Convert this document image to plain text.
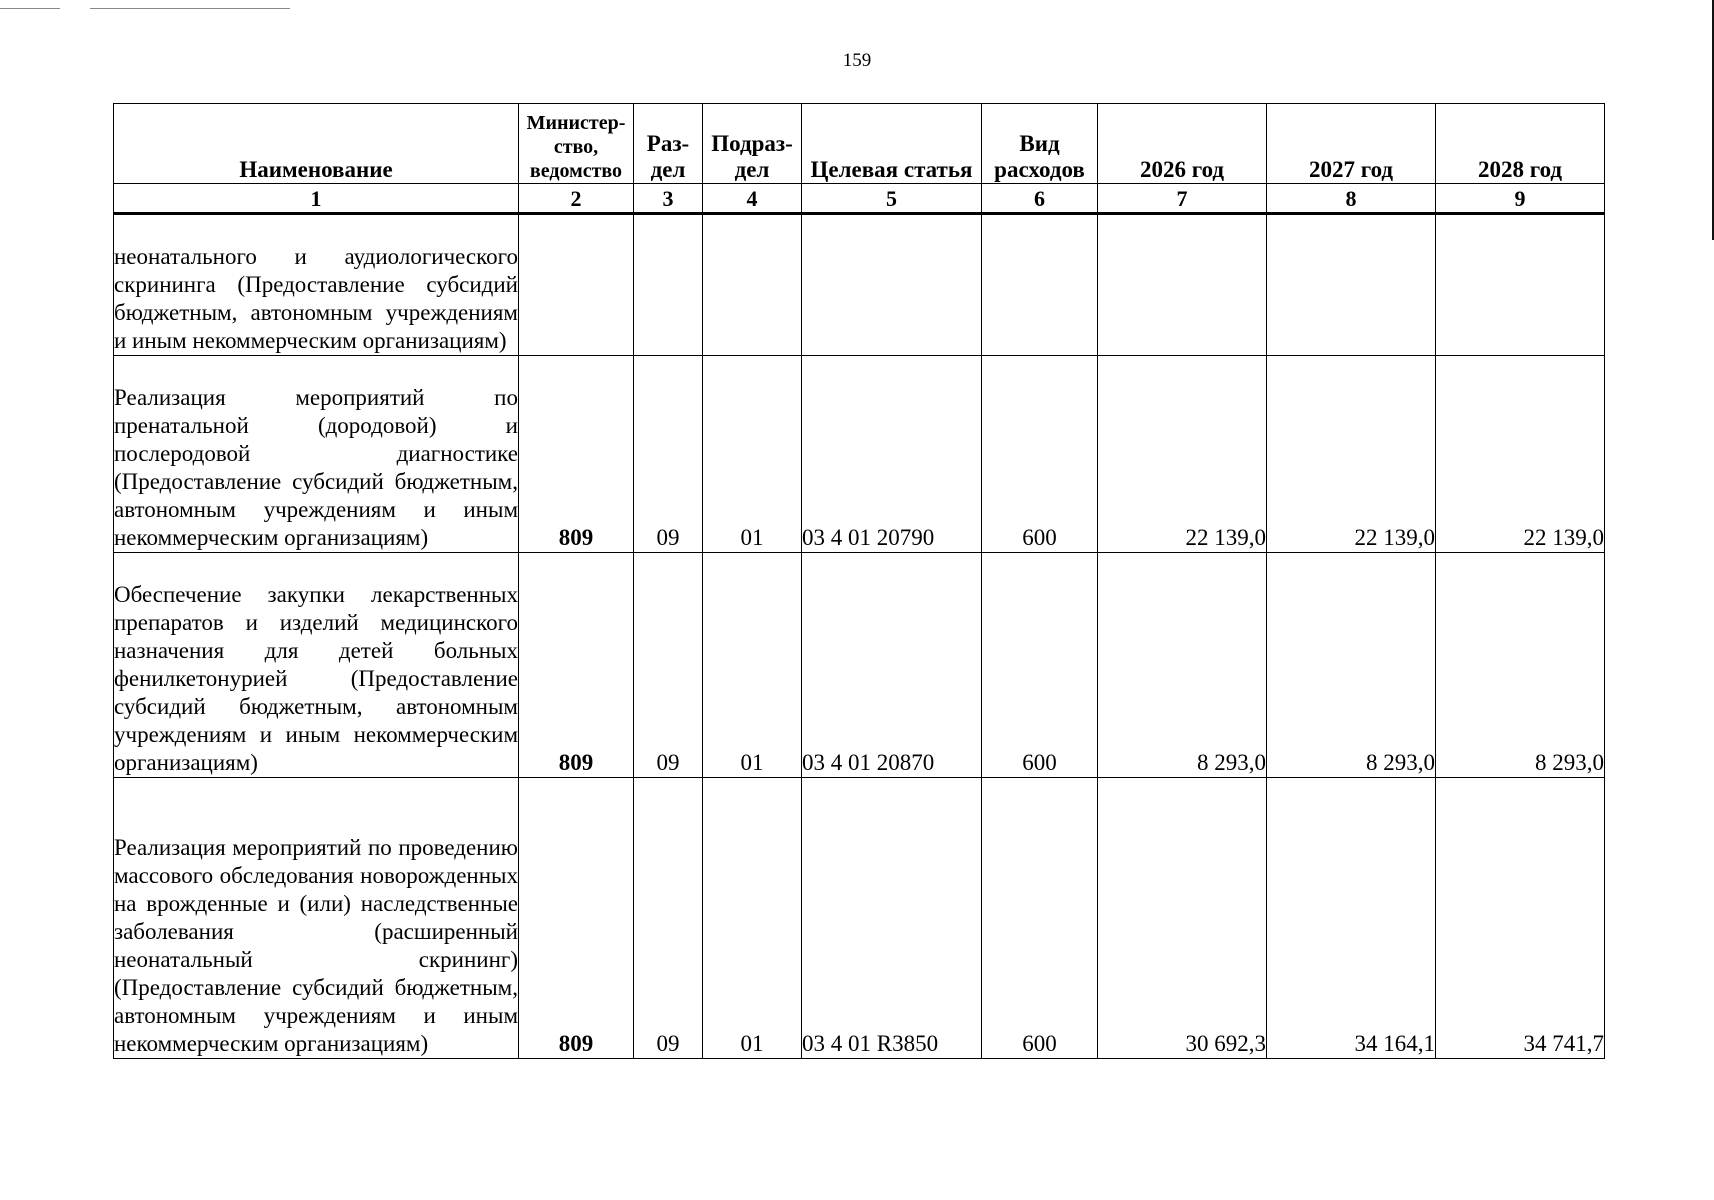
159
Наименование	Министер-ство, ведомство	Раз-дел	Подраз-дел	Целевая статья	Вид расходов	2026 год	2027 год	2028 год
1	2	3	4	5	6	7	8	9
неонатального и аудиологического скрининга (Предоставление субсидий бюджетным, автономным учреждениям и иным некоммерческим организациям)								
Реализация мероприятий по пренатальной (дородовой) и послеродовой диагностике (Предоставление субсидий бюджетным, автономным учреждениям и иным некоммерческим организациям)	809	09	01	03 4 01 20790	600	22 139,0	22 139,0	22 139,0
Обеспечение закупки лекарственных препаратов и изделий медицинского назначения для детей больных фенилкетонурией (Предоставление субсидий бюджетным, автономным учреждениям и иным некоммерческим организациям)	809	09	01	03 4 01 20870	600	8 293,0	8 293,0	8 293,0
Реализация мероприятий по проведению массового обследования новорожденных на врожденные и (или) наследственные заболевания (расширенный неонатальный скрининг) (Предоставление субсидий бюджетным, автономным учреждениям и иным некоммерческим организациям)	809	09	01	03 4 01 R3850	600	30 692,3	34 164,1	34 741,7
